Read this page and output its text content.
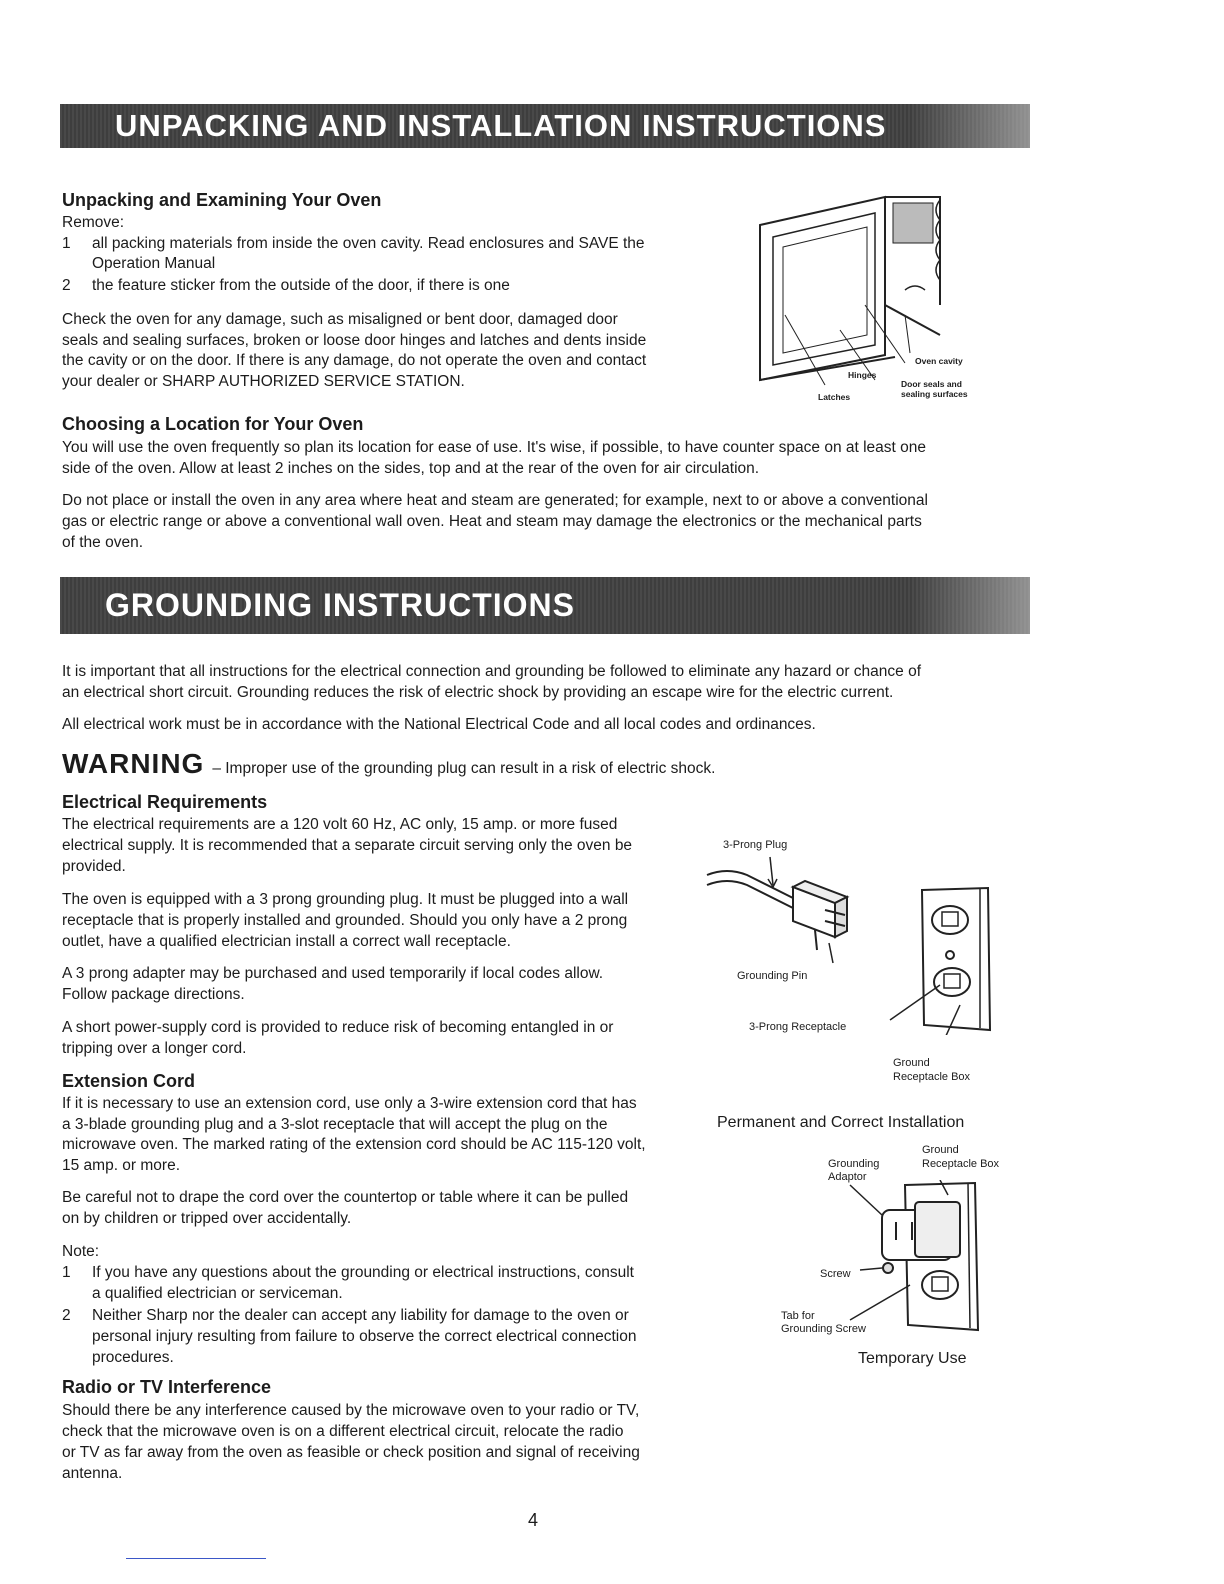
UNPACKING AND INSTALLATION INSTRUCTIONS
Unpacking and Examining Your Oven

Remove:

1 all packing materials from inside the oven cavity. Read enclosures and SAVE the
Operation Manual
2 the feature sticker from the outside of the door, if there is one

Check the oven for any damage, such as misaligned or bent door, damaged door

seals and sealing surfaces, broken or loose door hinges and latches and dents inside

the cavity or on the door. If there is any damage, do not operate the oven and contact

your dealer or SHARP AUTHORIZED SERVICE STATION.

Oven cavity
Hinges
Door seals and
sealing surfaces
Latches
Choosing a Location for Your Oven

You will use the oven frequently so plan its location for ease of use. It's wise, if possible, to have counter space on at least one

side of the oven. Allow at least 2 inches on the sides, top and at the rear of the oven for air circulation.

Do not place or install the oven in any area where heat and steam are generated; for example, next to or above a conventional

gas or electric range or above a conventional wall oven. Heat and steam may damage the electronics or the mechanical parts

of the oven.

GROUNDING INSTRUCTIONS

It is important that all instructions for the electrical connection and grounding be followed to eliminate any hazard or chance of

an electrical short circuit. Grounding reduces the risk of electric shock by providing an escape wire for the electric current.

All electrical work must be in accordance with the National Electrical Code and all local codes and ordinances.

WARNING – Improper use of the grounding plug can result in a risk of electric shock.
Electrical Requirements

The electrical requirements are a 120 volt 60 Hz, AC only, 15 amp. or more fused

electrical supply. It is recommended that a separate circuit serving only the oven be

provided.

The oven is equipped with a 3 prong grounding plug. It must be plugged into a wall

receptacle that is properly installed and grounded. Should you only have a 2 prong

outlet, have a qualified electrician install a correct wall receptacle.

A 3 prong adapter may be purchased and used temporarily if local codes allow.

Follow package directions.

A short power-supply cord is provided to reduce risk of becoming entangled in or

tripping over a longer cord.

3-Prong Plug
Grounding Pin
3-Prong Receptacle
Ground
Receptacle Box
Permanent and Correct Installation
Extension Cord

If it is necessary to use an extension cord, use only a 3-wire extension cord that has

a 3-blade grounding plug and a 3-slot receptacle that will accept the plug on the

microwave oven. The marked rating of the extension cord should be AC 115-120 volt,

15 amp. or more.

Be careful not to drape the cord over the countertop or table where it can be pulled

on by children or tripped over accidentally.

Note:

1 If you have any questions about the grounding or electrical instructions, consult
a qualified electrician or serviceman.
2 Neither Sharp nor the dealer can accept any liability for damage to the oven or
personal injury resulting from failure to observe the correct electrical connection
procedures.
Ground
Receptacle Box
Grounding
Adaptor
Screw
Tab for
Grounding Screw
Temporary Use
Radio or TV Interference

Should there be any interference caused by the microwave oven to your radio or TV,

check that the microwave oven is on a different electrical circuit, relocate the radio

or TV as far away from the oven as feasible or check position and signal of receiving

antenna.

4
